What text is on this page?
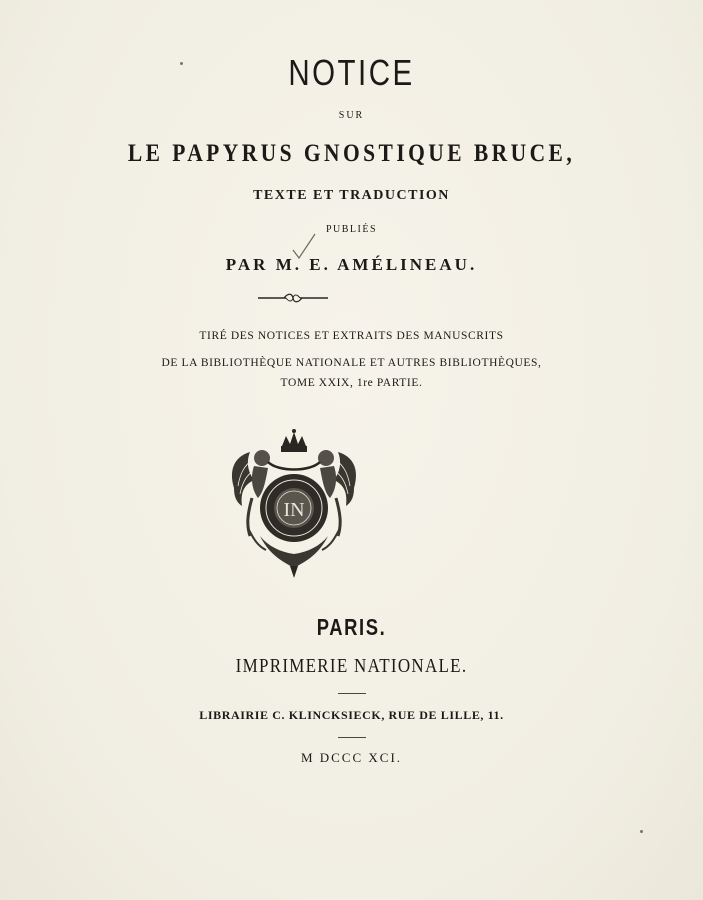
NOTICE
SUR
LE PAPYRUS GNOSTIQUE BRUCE,
TEXTE ET TRADUCTION
PUBLIÉS
PAR M. E. AMÉLINEAU.
TIRÉ DES NOTICES ET EXTRAITS DES MANUSCRITS
DE LA BIBLIOTHÈQUE NATIONALE ET AUTRES BIBLIOTHÈQUES,
TOME XXIX, 1re PARTIE.
IN
PARIS.
IMPRIMERIE NATIONALE.
LIBRAIRIE C. KLINCKSIECK, RUE DE LILLE, 11.
M DCCC XCI.
